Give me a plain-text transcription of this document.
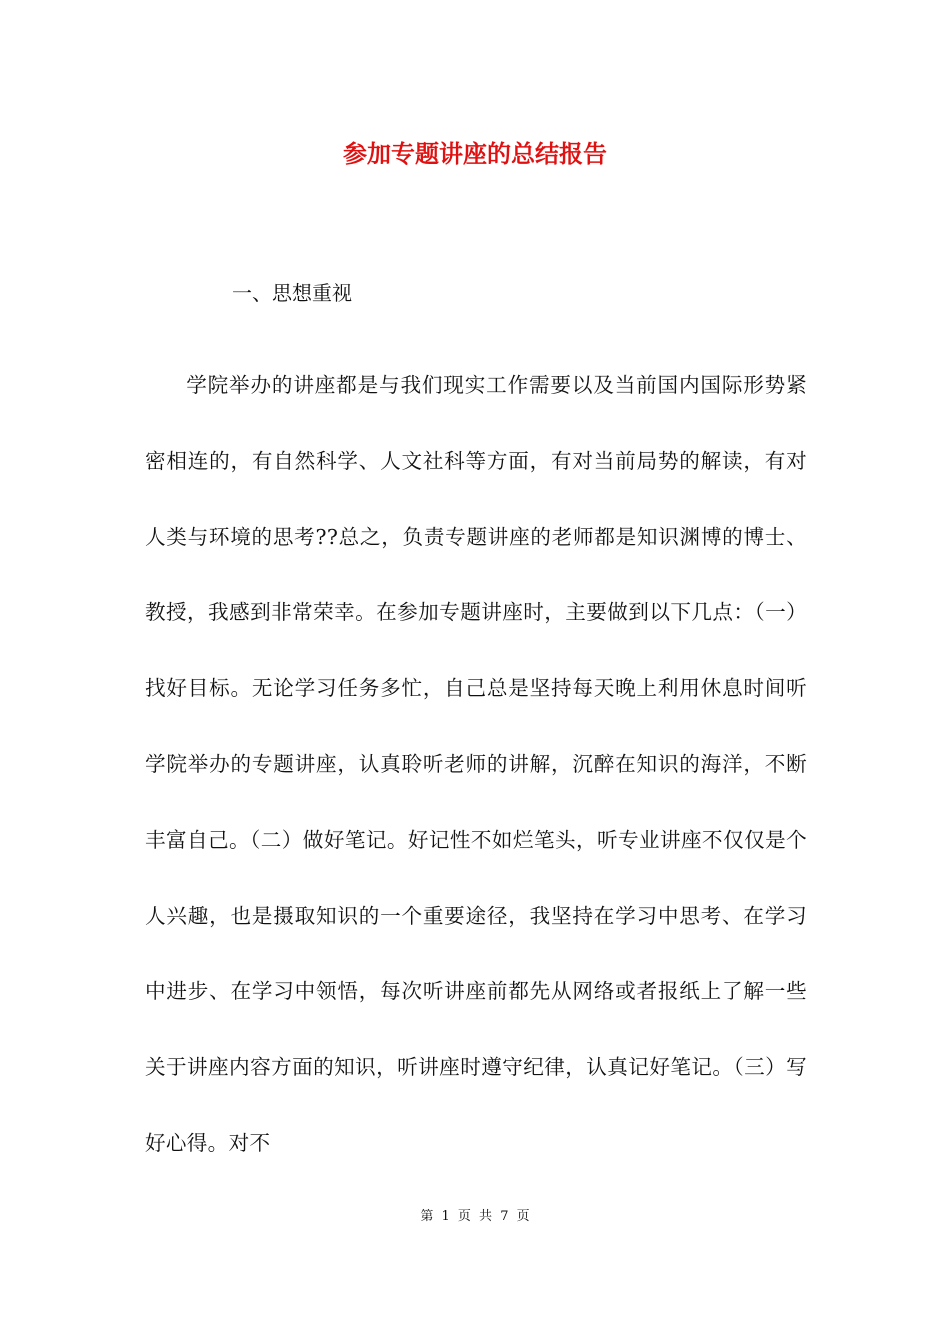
参加专题讲座的总结报告

一、思想重视

学院举办的讲座都是与我们现实工作需要以及当前国内国际形势紧密相连的，有自然科学、人文社科等方面，有对当前局势的解读，有对人类与环境的思考??总之，负责专题讲座的老师都是知识渊博的博士、教授，我感到非常荣幸。在参加专题讲座时，主要做到以下几点：（一）找好目标。无论学习任务多忙，自己总是坚持每天晚上利用休息时间听学院举办的专题讲座，认真聆听老师的讲解，沉醉在知识的海洋，不断丰富自己。（二）做好笔记。好记性不如烂笔头，听专业讲座不仅仅是个人兴趣，也是摄取知识的一个重要途径，我坚持在学习中思考、在学习中进步、在学习中领悟，每次听讲座前都先从网络或者报纸上了解一些关于讲座内容方面的知识，听讲座时遵守纪律，认真记好笔记。（三）写好心得。对不

第 1 页 共 7 页
